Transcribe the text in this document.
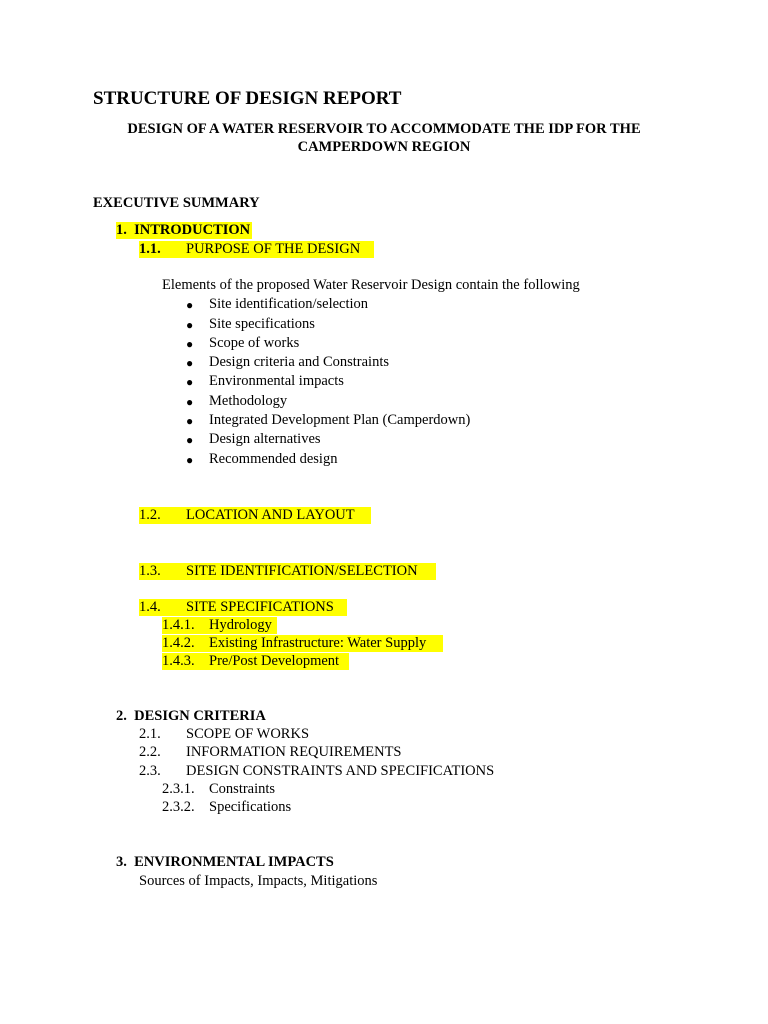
STRUCTURE OF DESIGN REPORT
DESIGN OF A WATER RESERVOIR TO ACCOMMODATE THE IDP FOR THE
CAMPERDOWN REGION
EXECUTIVE SUMMARY
1. INTRODUCTION
1.1. PURPOSE OF THE DESIGN
Elements of the proposed Water Reservoir Design contain the following
● Site identification/selection
● Site specifications
● Scope of works
● Design criteria and Constraints
● Environmental impacts
● Methodology
● Integrated Development Plan (Camperdown)
● Design alternatives
● Recommended design
1.2. LOCATION AND LAYOUT
1.3. SITE IDENTIFICATION/SELECTION
1.4. SITE SPECIFICATIONS
1.4.1. Hydrology
1.4.2. Existing Infrastructure: Water Supply
1.4.3. Pre/Post Development
2. DESIGN CRITERIA
2.1. SCOPE OF WORKS
2.2. INFORMATION REQUIREMENTS
2.3. DESIGN CONSTRAINTS AND SPECIFICATIONS
2.3.1. Constraints
2.3.2. Specifications
3. ENVIRONMENTAL IMPACTS
Sources of Impacts, Impacts, Mitigations
